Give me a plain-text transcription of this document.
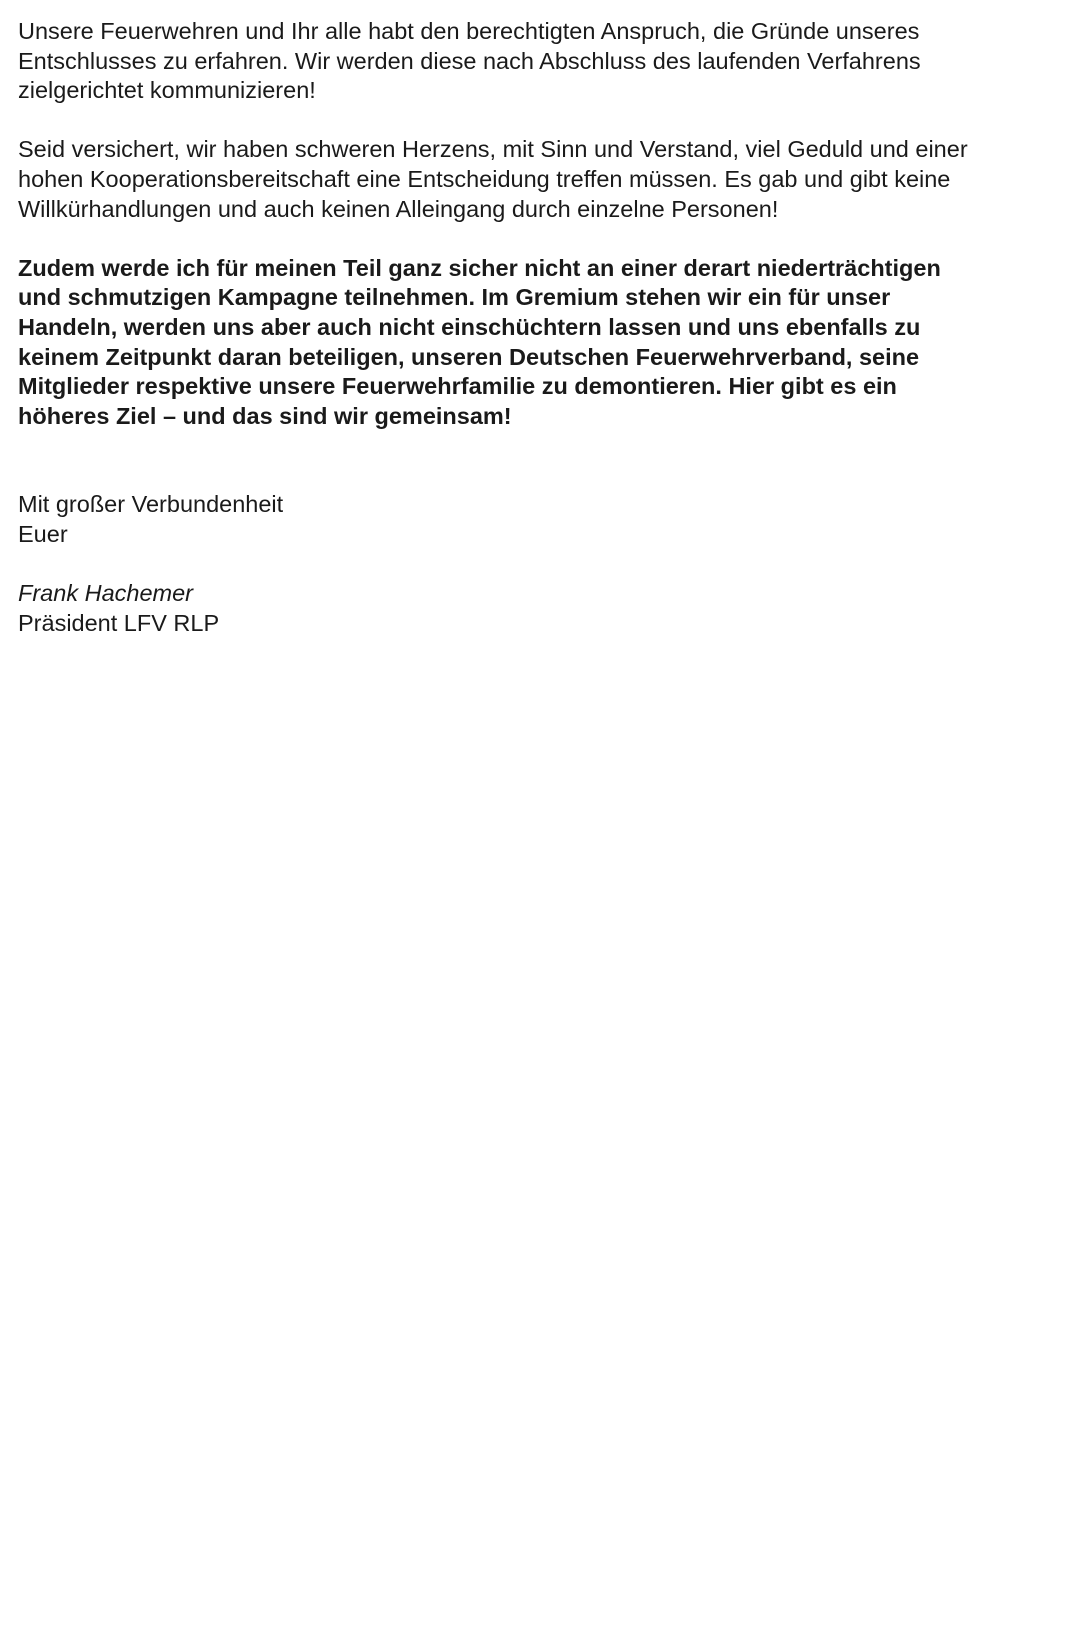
Unsere Feuerwehren und Ihr alle habt den berechtigten Anspruch, die Gründe unseres
Entschlusses zu erfahren. Wir werden diese nach Abschluss des laufenden Verfahrens
zielgerichtet kommunizieren!
Seid versichert, wir haben schweren Herzens, mit Sinn und Verstand, viel Geduld und einer
hohen Kooperationsbereitschaft eine Entscheidung treffen müssen. Es gab und gibt keine
Willkürhandlungen und auch keinen Alleingang durch einzelne Personen!
Zudem werde ich für meinen Teil ganz sicher nicht an einer derart niederträchtigen
und schmutzigen Kampagne teilnehmen. Im Gremium stehen wir ein für unser
Handeln, werden uns aber auch nicht einschüchtern lassen und uns ebenfalls zu
keinem Zeitpunkt daran beteiligen, unseren Deutschen Feuerwehrverband, seine
Mitglieder respektive unsere Feuerwehrfamilie zu demontieren. Hier gibt es ein
höheres Ziel – und das sind wir gemeinsam!
Mit großer Verbundenheit
Euer
Frank Hachemer
Präsident LFV RLP
